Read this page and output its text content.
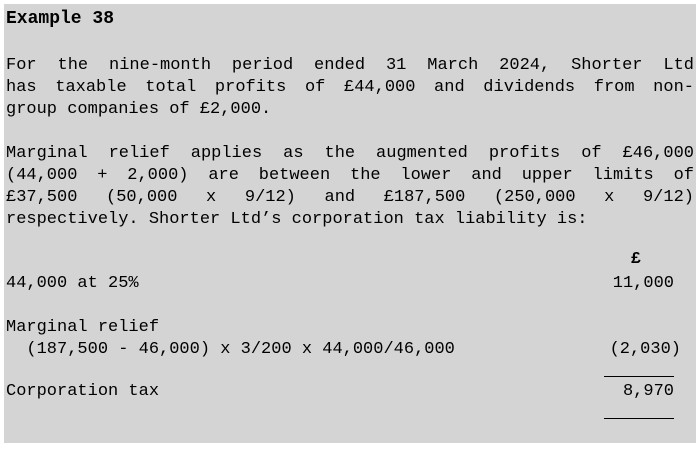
Example 38
For the nine-month period ended 31 March 2024, Shorter Ltd
has taxable total profits of £44,000 and dividends from non-
group companies of £2,000.
Marginal relief applies as the augmented profits of £46,000
(44,000 + 2,000) are between the lower and upper limits of
£37,500 (50,000 x 9/12) and £187,500 (250,000 x 9/12)
respectively. Shorter Ltd’s corporation tax liability is:
£
44,000 at 25%	11,000
Marginal relief
(187,500 - 46,000) x 3/200 x 44,000/46,000	(2,030)
Corporation tax	8,970
